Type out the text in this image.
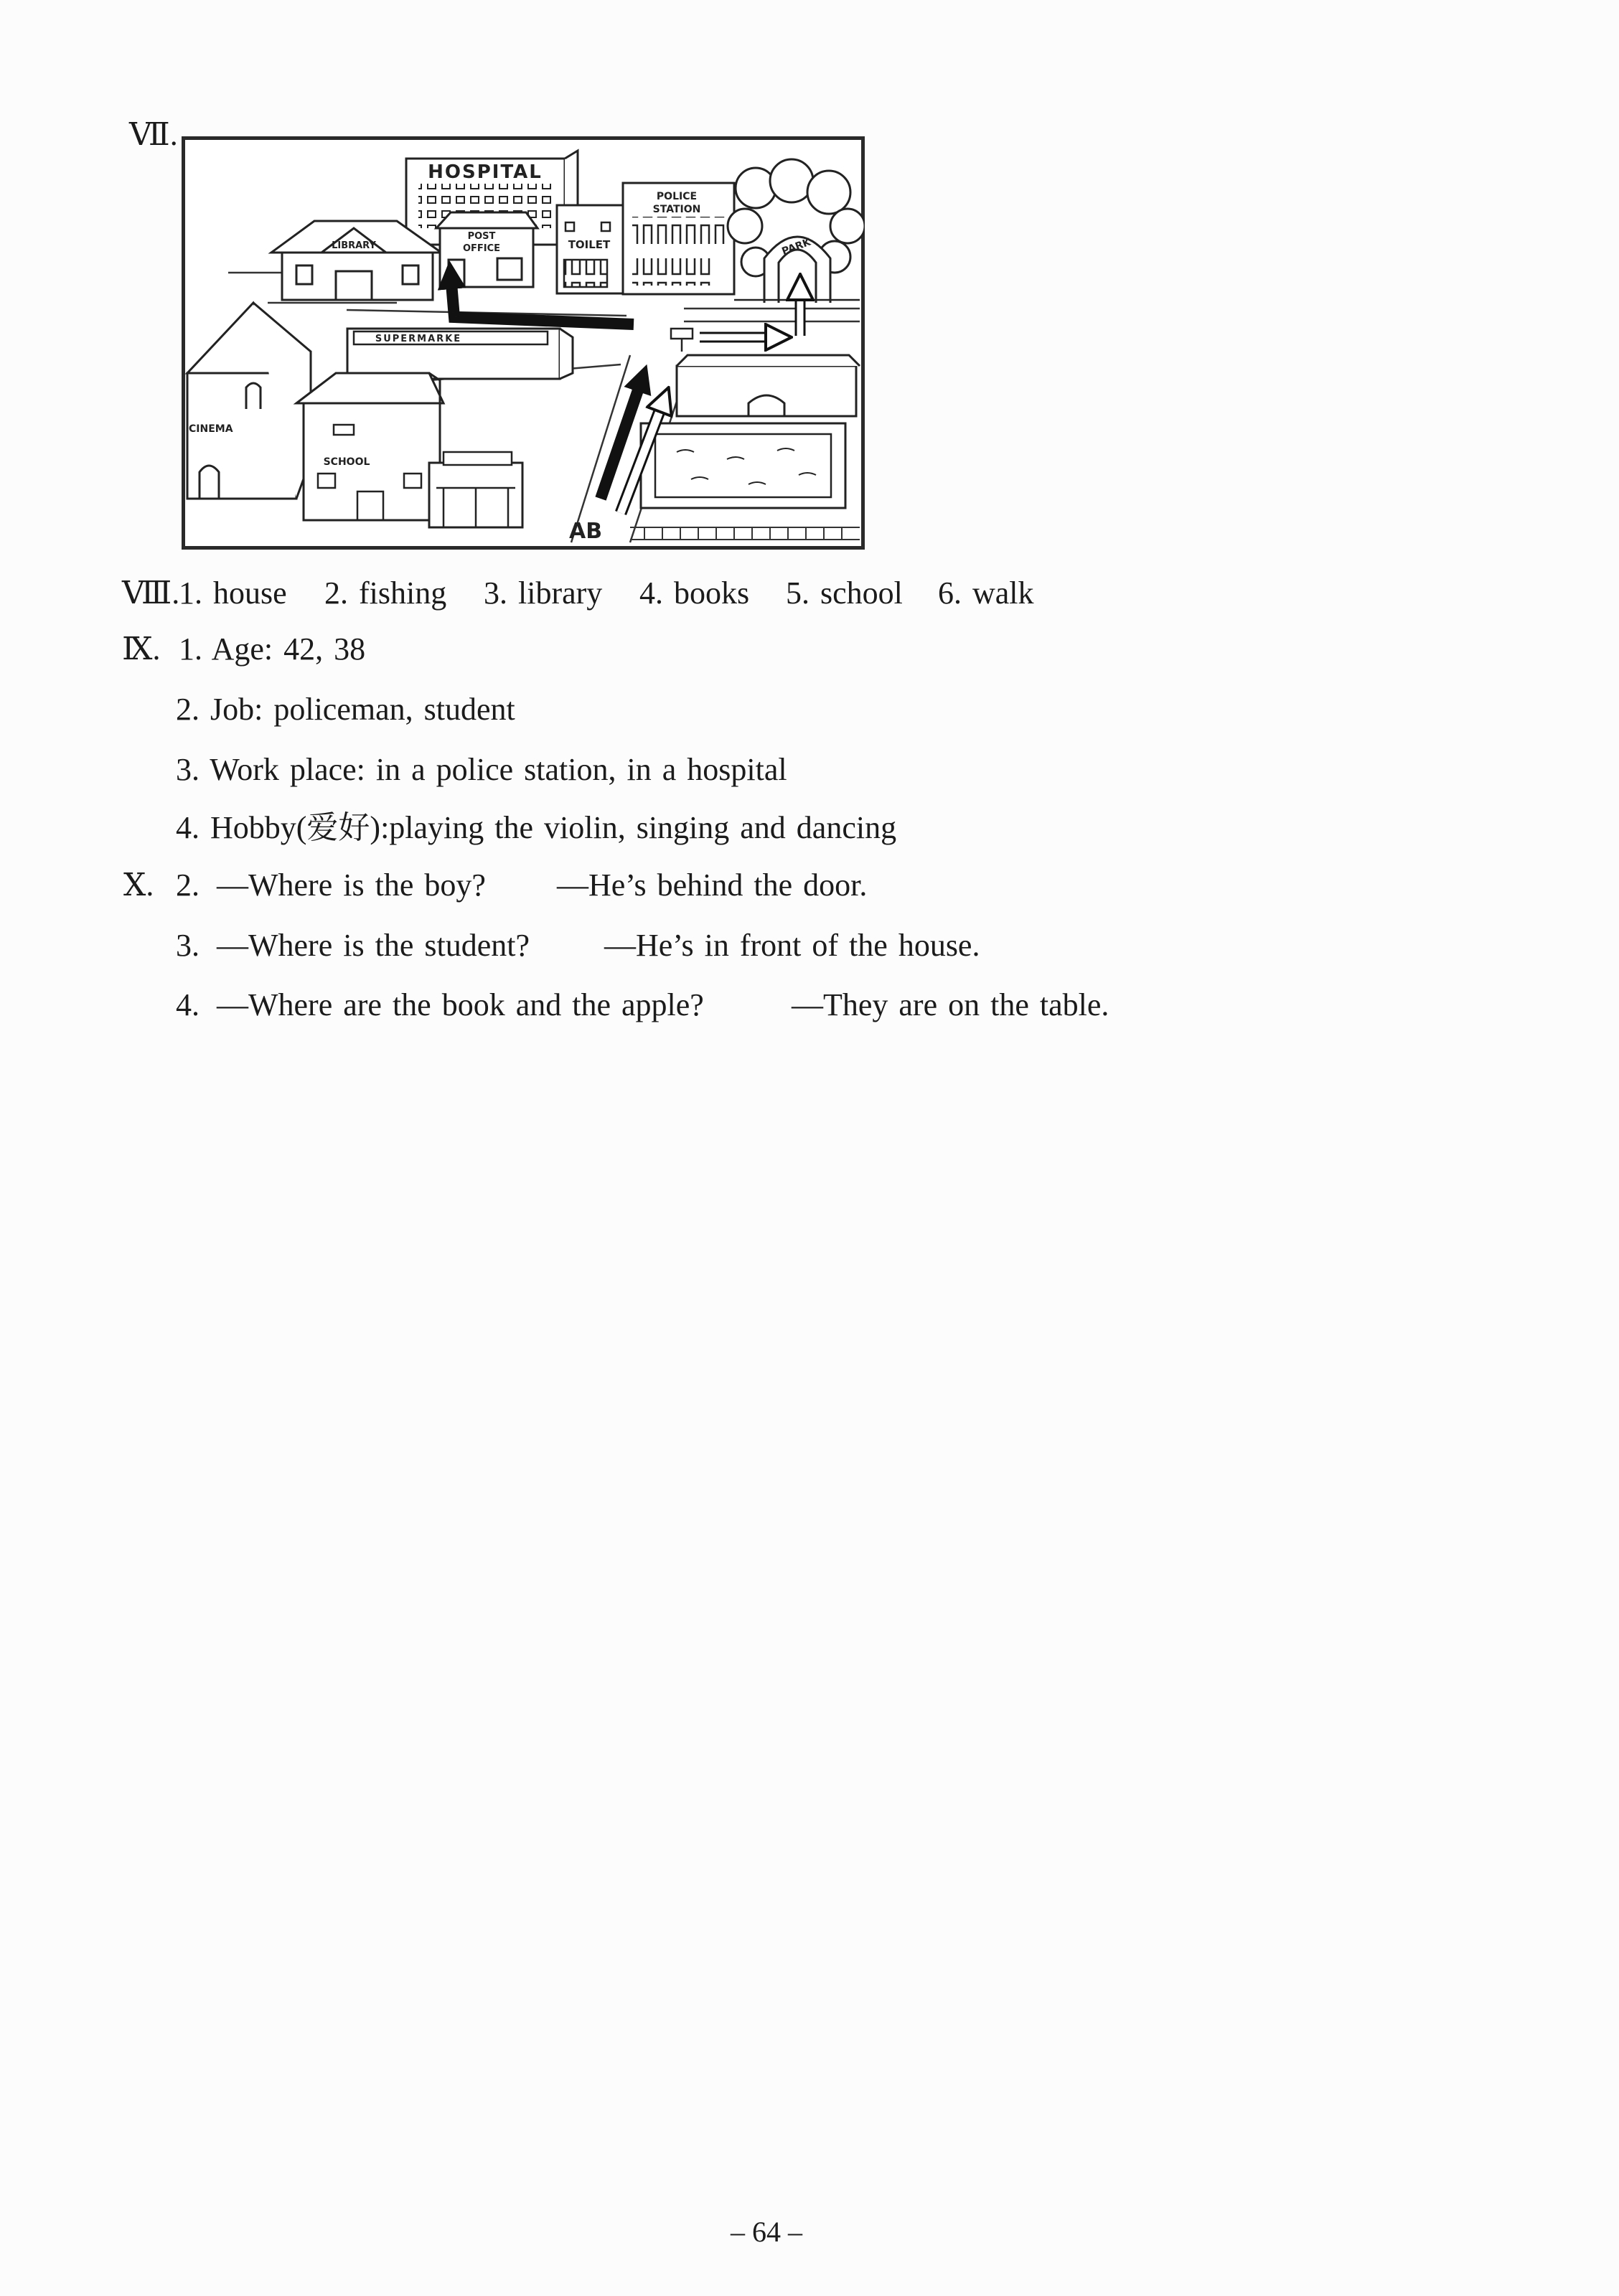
Ⅶ.
HOSPITAL
LIBRARY
POST
OFFICE	TOILET
POLICE
STATION
PARK
SUPERMARKE
CINEMA
SCHOOL
AB
Ⅷ.
1. house 2. fishing 3. library 4. books 5. school 6. walk
Ⅸ. 1. Age: 42, 38
2. Job: policeman, student
3. Work place: in a police station, in a hospital
4. Hobby(爱好):playing the violin, singing and dancing
Ⅹ. 2. —Where is the boy? —He’s behind the door.
3. —Where is the student? —He’s in front of the house.
4. —Where are the book and the apple?	—They are on the table.
– 64 –
